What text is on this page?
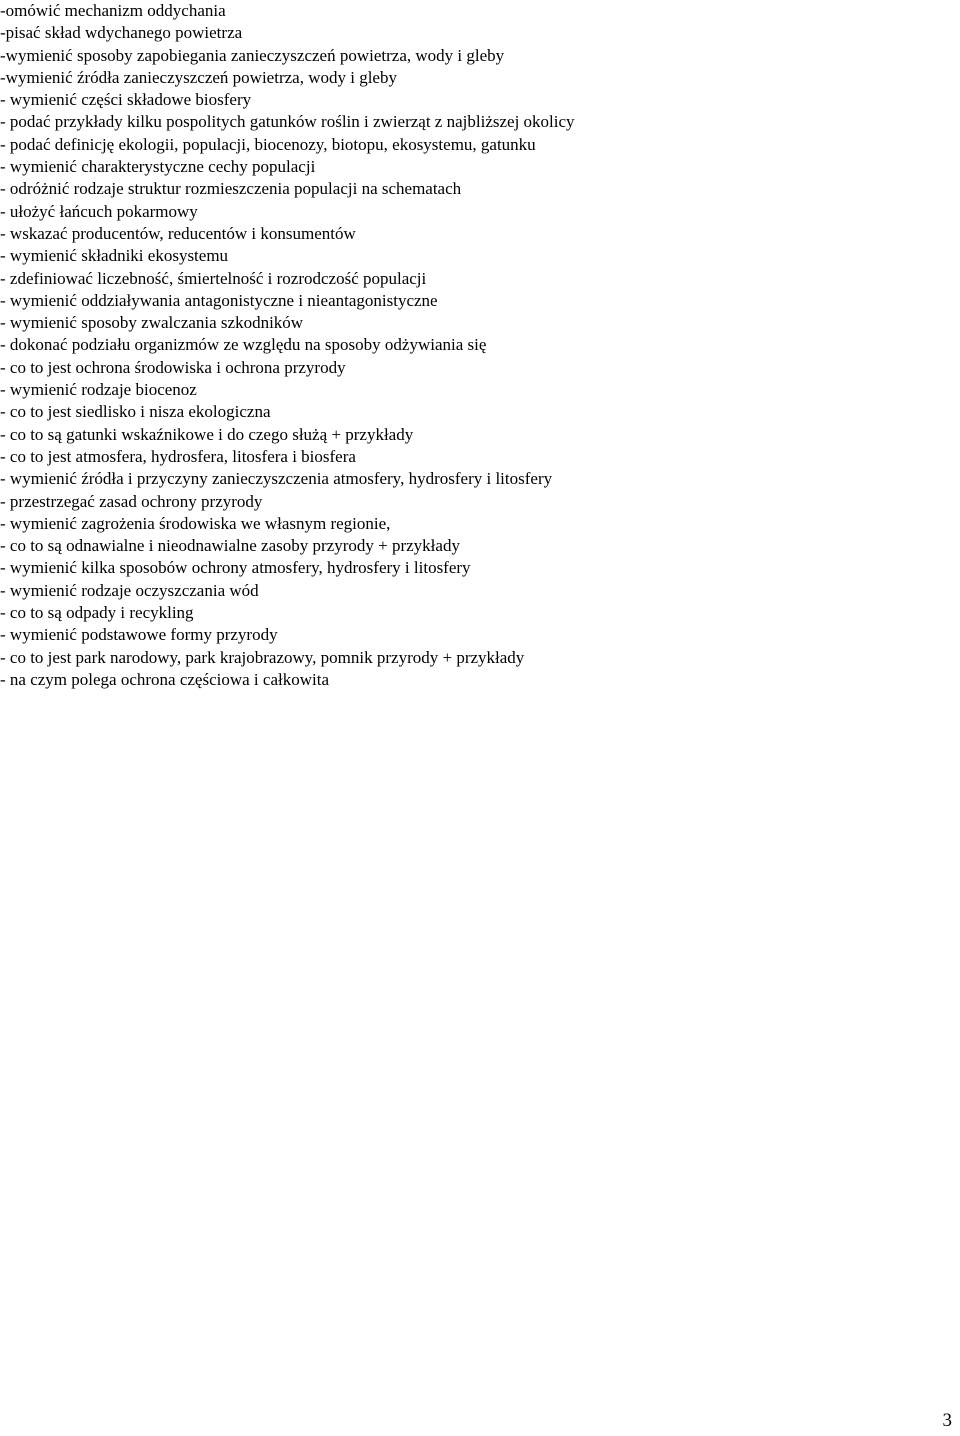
-omówić mechanizm oddychania
-pisać skład wdychanego powietrza
-wymienić sposoby zapobiegania zanieczyszczeń powietrza, wody i gleby
-wymienić źródła zanieczyszczeń powietrza, wody i gleby
- wymienić części składowe biosfery
- podać przykłady kilku pospolitych gatunków roślin i zwierząt z najbliższej okolicy
- podać definicję ekologii, populacji, biocenozy, biotopu, ekosystemu, gatunku
- wymienić charakterystyczne cechy populacji
- odróżnić rodzaje struktur rozmieszczenia populacji na schematach
- ułożyć łańcuch pokarmowy
- wskazać producentów, reducentów i konsumentów
- wymienić składniki ekosystemu
- zdefiniować liczebność, śmiertelność i rozrodczość populacji
- wymienić oddziaływania antagonistyczne i nieantagonistyczne
- wymienić sposoby zwalczania szkodników
- dokonać podziału organizmów ze względu na sposoby odżywiania się
- co to jest ochrona środowiska i ochrona przyrody
- wymienić rodzaje biocenoz
- co to jest siedlisko i nisza ekologiczna
- co to są gatunki wskaźnikowe i do czego służą + przykłady
- co to jest atmosfera, hydrosfera, litosfera i biosfera
- wymienić źródła i przyczyny zanieczyszczenia atmosfery, hydrosfery i litosfery
- przestrzegać zasad ochrony przyrody
- wymienić zagrożenia środowiska we własnym regionie,
- co to są odnawialne i nieodnawialne zasoby przyrody + przykłady
- wymienić kilka sposobów ochrony atmosfery, hydrosfery i litosfery
- wymienić rodzaje oczyszczania wód
- co to są odpady i recykling
- wymienić podstawowe formy przyrody
- co to jest park narodowy, park krajobrazowy, pomnik przyrody + przykłady
- na czym polega ochrona częściowa i całkowita
3
